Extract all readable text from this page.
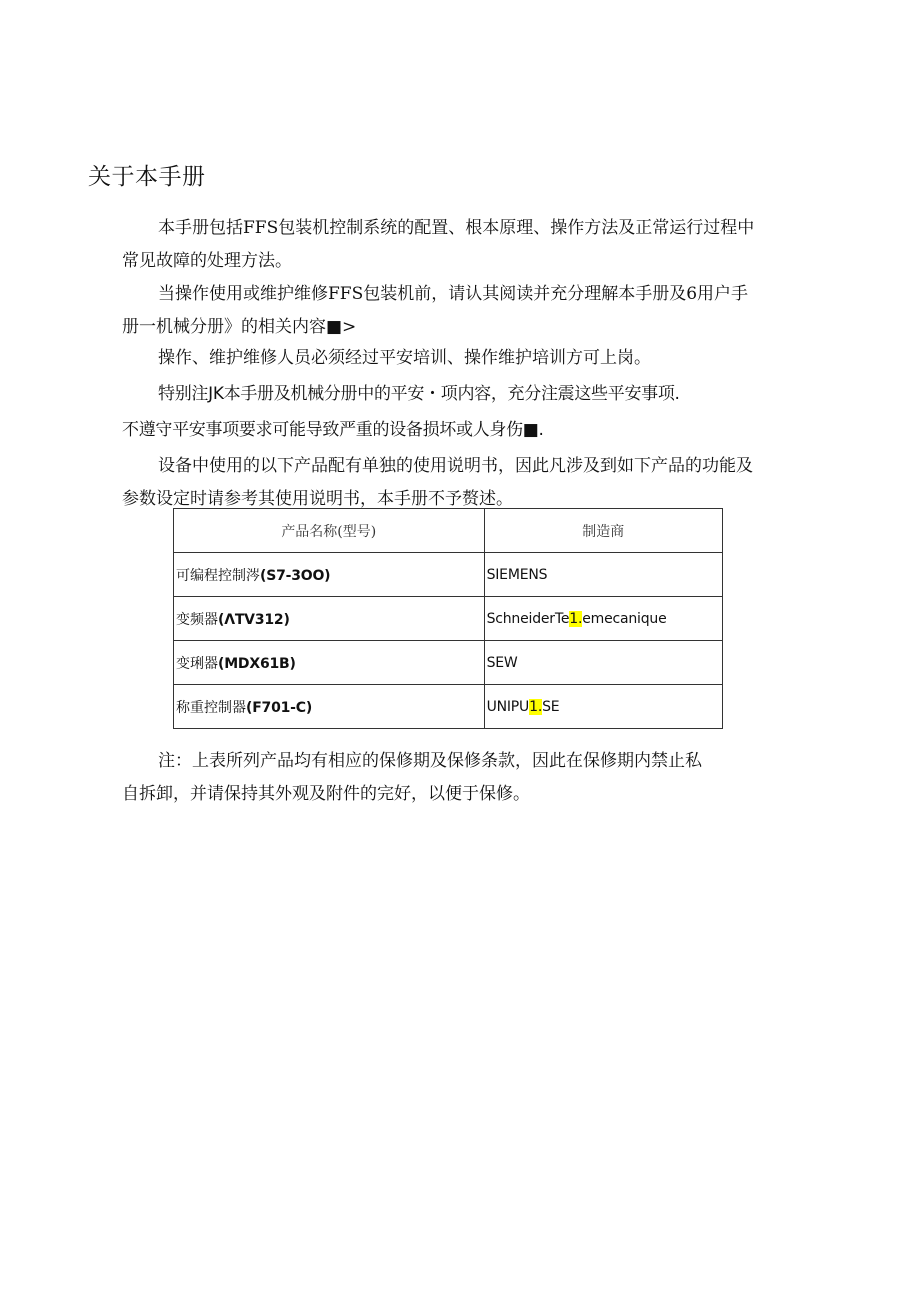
关于本手册

本手册包括FFS包装机控制系统的配置、根本原理、操作方法及正常运行过程中
常见故障的处理方法。

当操作使用或维护维修FFS包装机前，请认其阅读并充分理解本手册及6用户手
册一机械分册》的相关内容■>

操作、维护维修人员必须经过平安培训、操作维护培训方可上岗。

特别注JK本手册及机械分册中的平安・项内容，充分注震这些平安事项.

不遵守平安事项要求可能导致严重的设备损坏或人身伤■.

设备中使用的以下产品配有单独的使用说明书，因此凡涉及到如下产品的功能及
参数设定时请参考其使用说明书，本手册不予赘述。

产品名称(型号)	制造商
可编程控制涔(S7-3OO)	SIEMENS
变频器(ΛTV312)	SchneiderTe1.emecanique
变琍器(MDX61B)	SEW
称重控制器(F701-C)	UNIPU1.SE

注：上表所列产品均有相应的保修期及保修条款，因此在保修期内禁止私
自拆卸，并请保持其外观及附件的完好，以便于保修。
